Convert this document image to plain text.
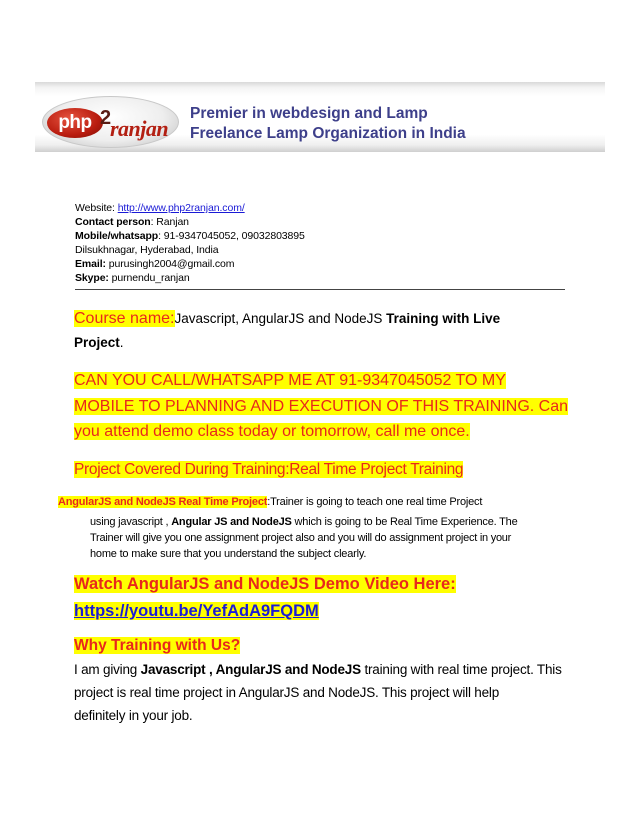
php 2
ranjan
Premier in webdesign and Lamp
Freelance Lamp Organization in India
Website: http://www.php2ranjan.com/
Contact person: Ranjan
Mobile/whatsapp: 91-9347045052, 09032803895
Dilsukhnagar, Hyderabad, India
Email: purusingh2004@gmail.com
Skype: purnendu_ranjan
Course name:Javascript, AngularJS and NodeJS Training with Live
Project.
CAN YOU CALL/WHATSAPP ME AT 91-9347045052 TO MY
MOBILE TO PLANNING AND EXECUTION OF THIS TRAINING. Can
you attend demo class today or tomorrow, call me once.
Project Covered During Training:Real Time Project Training
AngularJS and NodeJS Real Time Project:Trainer is going to teach one real time Project
using javascript , Angular JS and NodeJS which is going to be Real Time Experience. The
Trainer will give you one assignment project also and you will do assignment project in your
home to make sure that you understand the subject clearly.
Watch AngularJS and NodeJS Demo Video Here:
https://youtu.be/YefAdA9FQDM
Why Training with Us?
I am giving Javascript , AngularJS and NodeJS training with real time project. This
project is real time project in AngularJS and NodeJS. This project will help
definitely in your job.
